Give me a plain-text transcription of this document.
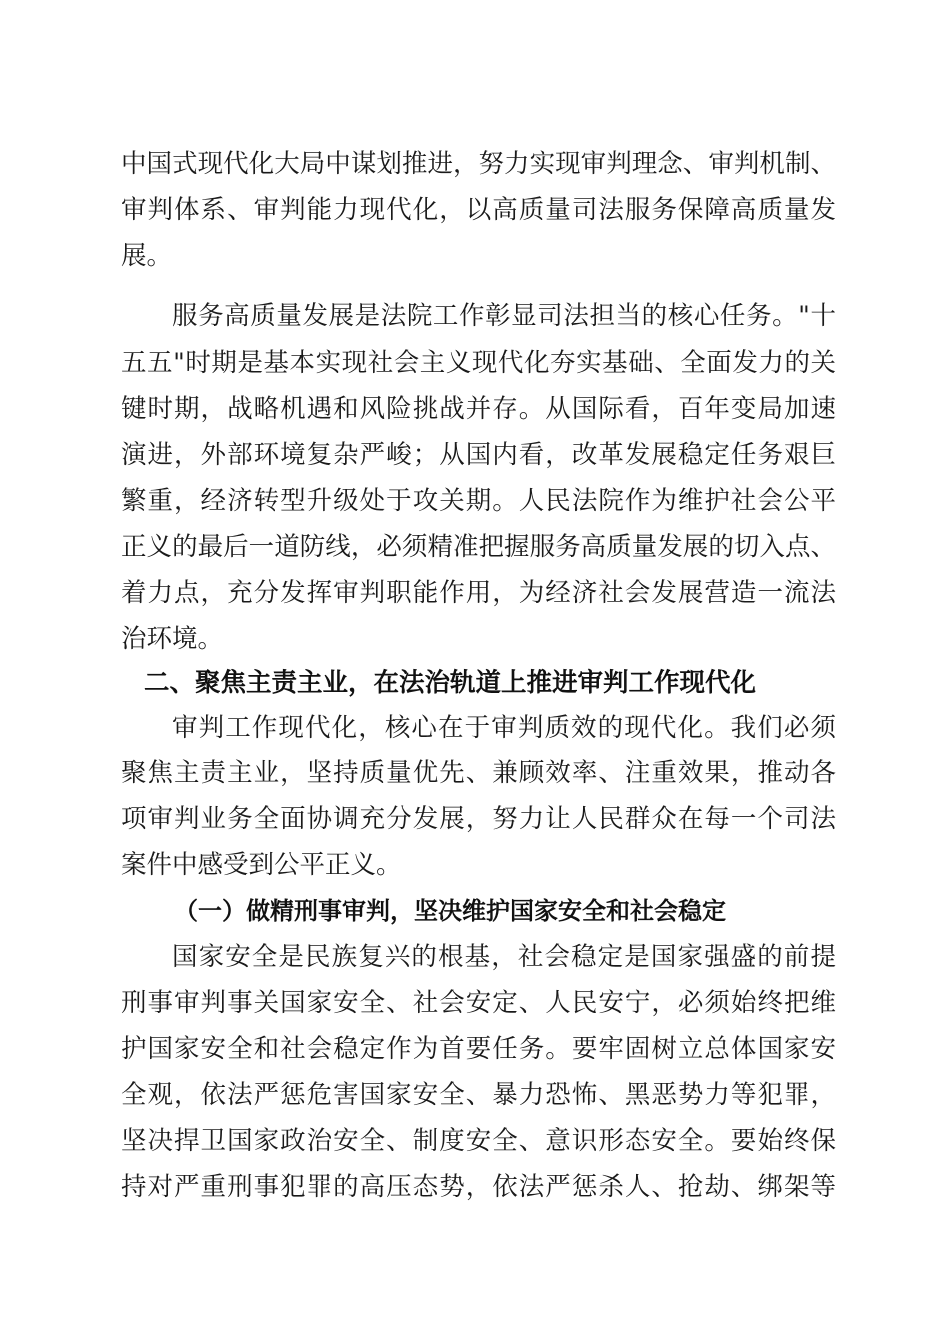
中国式现代化大局中谋划推进，努力实现审判理念、审判机制、
审判体系、审判能力现代化，以高质量司法服务保障高质量发
展。
服务高质量发展是法院工作彰显司法担当的核心任务。"十
五五"时期是基本实现社会主义现代化夯实基础、全面发力的关
键时期，战略机遇和风险挑战并存。从国际看，百年变局加速
演进，外部环境复杂严峻；从国内看，改革发展稳定任务艰巨
繁重，经济转型升级处于攻关期。人民法院作为维护社会公平
正义的最后一道防线，必须精准把握服务高质量发展的切入点、
着力点，充分发挥审判职能作用，为经济社会发展营造一流法
治环境。
二、聚焦主责主业，在法治轨道上推进审判工作现代化
审判工作现代化，核心在于审判质效的现代化。我们必须
聚焦主责主业，坚持质量优先、兼顾效率、注重效果，推动各
项审判业务全面协调充分发展，努力让人民群众在每一个司法
案件中感受到公平正义。
（一）做精刑事审判，坚决维护国家安全和社会稳定
国家安全是民族复兴的根基，社会稳定是国家强盛的前提
刑事审判事关国家安全、社会安定、人民安宁，必须始终把维
护国家安全和社会稳定作为首要任务。要牢固树立总体国家安
全观，依法严惩危害国家安全、暴力恐怖、黑恶势力等犯罪，
坚决捍卫国家政治安全、制度安全、意识形态安全。要始终保
持对严重刑事犯罪的高压态势，依法严惩杀人、抢劫、绑架等
